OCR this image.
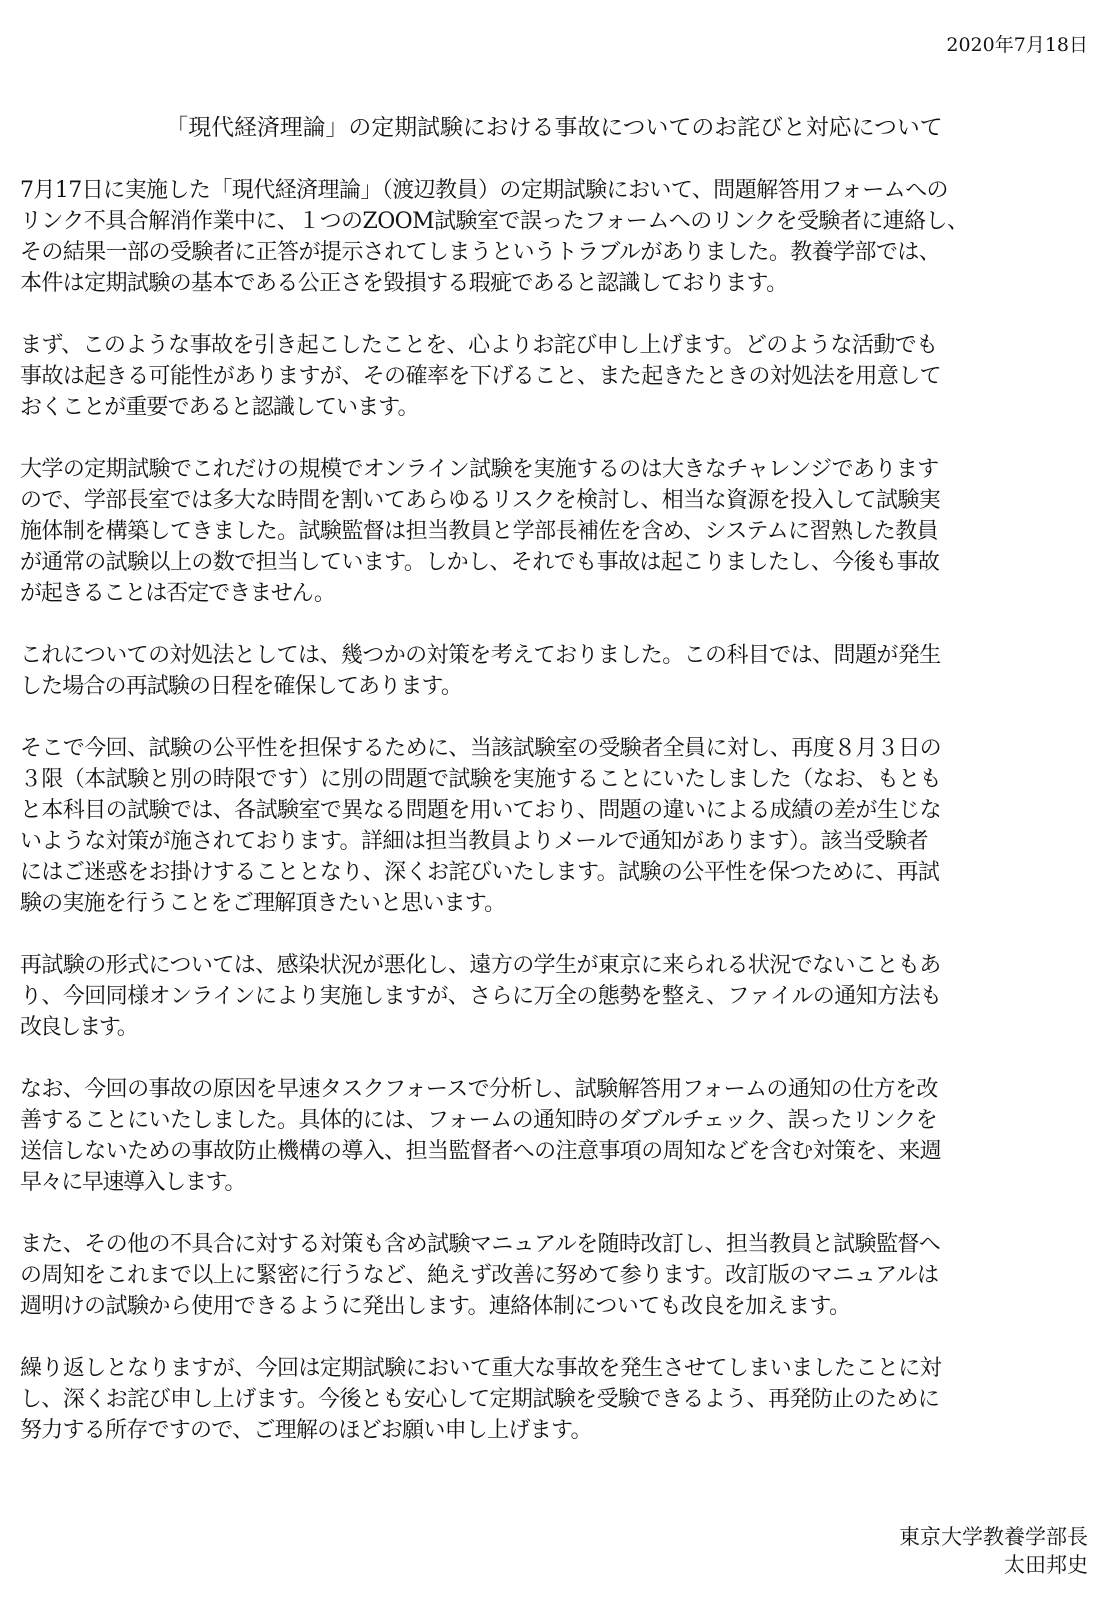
2020年7月18日
「現代経済理論」の定期試験における事故についてのお詫びと対応について
7月17日に実施した「現代経済理論」（渡辺教員）の定期試験において、問題解答用フォームへの
リンク不具合解消作業中に、１つのZOOM試験室で誤ったフォームへのリンクを受験者に連絡し、
その結果一部の受験者に正答が提示されてしまうというトラブルがありました。教養学部では、
本件は定期試験の基本である公正さを毀損する瑕疵であると認識しております。
まず、このような事故を引き起こしたことを、心よりお詫び申し上げます。どのような活動でも
事故は起きる可能性がありますが、その確率を下げること、また起きたときの対処法を用意して
おくことが重要であると認識しています。
大学の定期試験でこれだけの規模でオンライン試験を実施するのは大きなチャレンジであります
ので、学部長室では多大な時間を割いてあらゆるリスクを検討し、相当な資源を投入して試験実
施体制を構築してきました。試験監督は担当教員と学部長補佐を含め、システムに習熟した教員
が通常の試験以上の数で担当しています。しかし、それでも事故は起こりましたし、今後も事故
が起きることは否定できません。
これについての対処法としては、幾つかの対策を考えておりました。この科目では、問題が発生
した場合の再試験の日程を確保してあります。
そこで今回、試験の公平性を担保するために、当該試験室の受験者全員に対し、再度８月３日の
３限（本試験と別の時限です）に別の問題で試験を実施することにいたしました（なお、もとも
と本科目の試験では、各試験室で異なる問題を用いており、問題の違いによる成績の差が生じな
いような対策が施されております。詳細は担当教員よりメールで通知があります）。該当受験者
にはご迷惑をお掛けすることとなり、深くお詫びいたします。試験の公平性を保つために、再試
験の実施を行うことをご理解頂きたいと思います。
再試験の形式については、感染状況が悪化し、遠方の学生が東京に来られる状況でないこともあ
り、今回同様オンラインにより実施しますが、さらに万全の態勢を整え、ファイルの通知方法も
改良します。
なお、今回の事故の原因を早速タスクフォースで分析し、試験解答用フォームの通知の仕方を改
善することにいたしました。具体的には、フォームの通知時のダブルチェック、誤ったリンクを
送信しないための事故防止機構の導入、担当監督者への注意事項の周知などを含む対策を、来週
早々に早速導入します。
また、その他の不具合に対する対策も含め試験マニュアルを随時改訂し、担当教員と試験監督へ
の周知をこれまで以上に緊密に行うなど、絶えず改善に努めて参ります。改訂版のマニュアルは
週明けの試験から使用できるように発出します。連絡体制についても改良を加えます。
繰り返しとなりますが、今回は定期試験において重大な事故を発生させてしまいましたことに対
し、深くお詫び申し上げます。今後とも安心して定期試験を受験できるよう、再発防止のために
努力する所存ですので、ご理解のほどお願い申し上げます。
東京大学教養学部長
太田邦史
